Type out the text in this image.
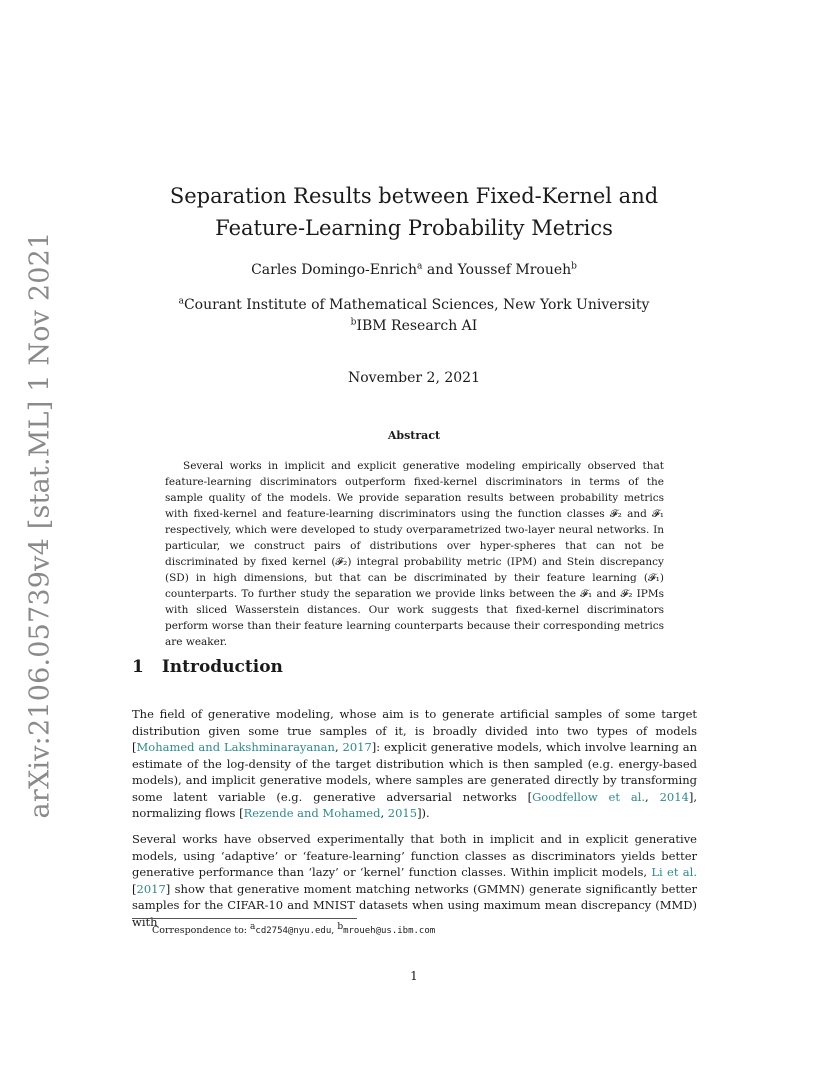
arXiv:2106.05739v4 [stat.ML] 1 Nov 2021
Separation Results between Fixed-Kernel and
Feature-Learning Probability Metrics
Carles Domingo-Enrich$^a$ and Youssef Mroueh$^b$
$^a$Courant Institute of Mathematical Sciences, New York University
$^b$IBM Research AI
November 2, 2021
Abstract
Several works in implicit and explicit generative modeling empirically observed that feature-learning discriminators outperform fixed-kernel discriminators in terms of the sample quality of the models. We provide separation results between probability metrics with fixed-kernel and feature-learning discriminators using the function classes 𝓕₂ and 𝓕₁ respectively, which were developed to study overparametrized two-layer neural networks. In particular, we construct pairs of distributions over hyper-spheres that can not be discriminated by fixed kernel (𝓕₂) integral probability metric (IPM) and Stein discrepancy (SD) in high dimensions, but that can be discriminated by their feature learning (𝓕₁) counterparts. To further study the separation we provide links between the 𝓕₁ and 𝓕₂ IPMs with sliced Wasserstein distances. Our work suggests that fixed-kernel discriminators perform worse than their feature learning counterparts because their corresponding metrics are weaker.
1 Introduction
The field of generative modeling, whose aim is to generate artificial samples of some target distribution given some true samples of it, is broadly divided into two types of models [Mohamed and Lakshminarayanan, 2017]: explicit generative models, which involve learning an estimate of the log-density of the target distribution which is then sampled (e.g. energy-based models), and implicit generative models, where samples are generated directly by transforming some latent variable (e.g. generative adversarial networks [Goodfellow et al., 2014], normalizing flows [Rezende and Mohamed, 2015]).
Several works have observed experimentally that both in implicit and in explicit generative models, using ‘adaptive’ or ‘feature-learning’ function classes as discriminators yields better generative performance than ‘lazy’ or ‘kernel’ function classes. Within implicit models, Li et al. [2017] show that generative moment matching networks (GMMN) generate significantly better samples for the CIFAR-10 and MNIST datasets when using maximum mean discrepancy (MMD) with
Correspondence to: $^a$cd2754@nyu.edu, $^b$mroueh@us.ibm.com
1
